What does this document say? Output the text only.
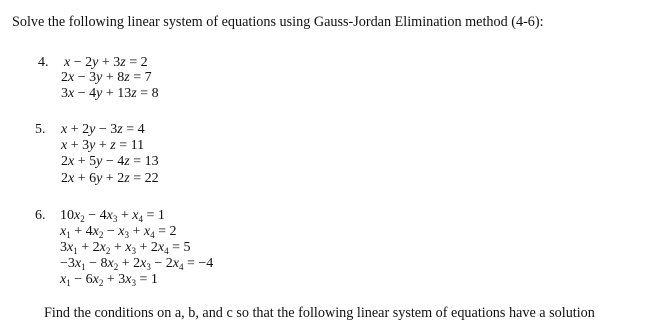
Solve the following linear system of equations using Gauss-Jordan Elimination method (4-6):
4. x − 2y + 3z = 2
2x − 3y + 8z = 7
3x − 4y + 13z = 8
5. x + 2y − 3z = 4
x + 3y + z = 11
2x + 5y − 4z = 13
2x + 6y + 2z = 22
6. $10x_2 - 4x_3 + x_4 = 1$
$x_1 + 4x_2 - x_3 + x_4 = 2$
$3x_1 + 2x_2 + x_3 + 2x_4 = 5$
$-3x_1 - 8x_2 + 2x_3 - 2x_4 = -4$
$x_1 - 6x_2 + 3x_3 = 1$
Find the conditions on a, b, and c so that the following linear system of equations have a solution
